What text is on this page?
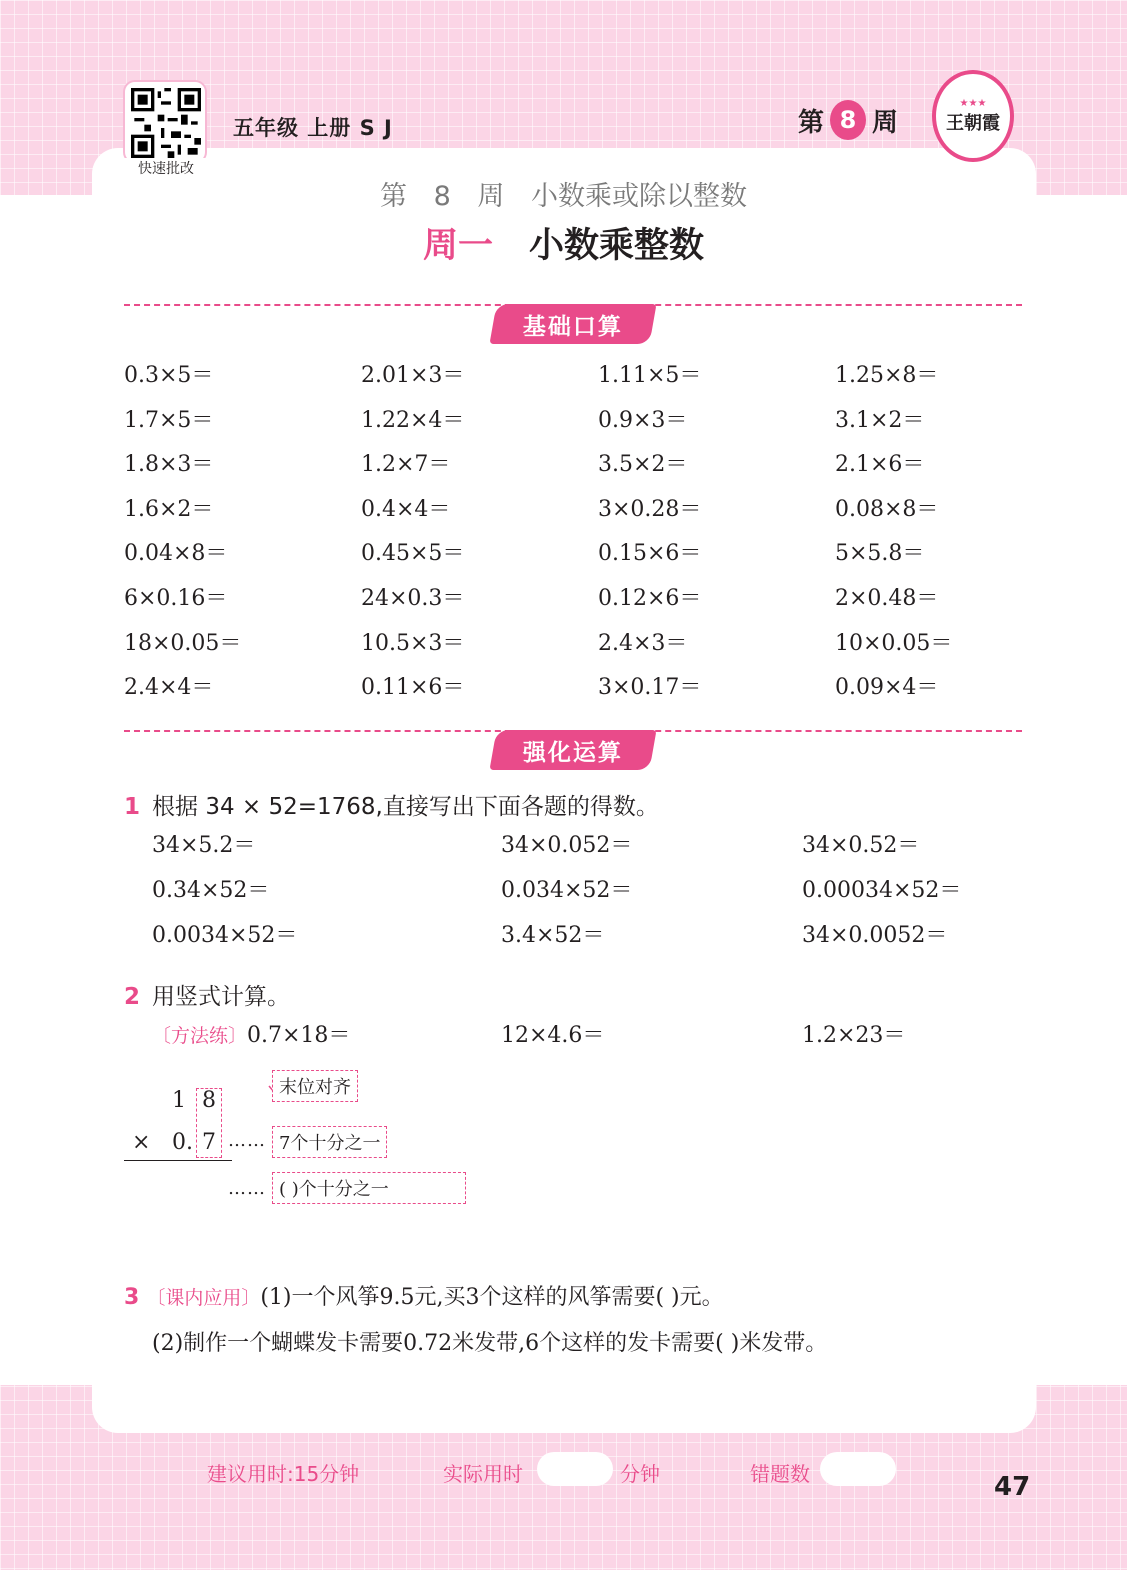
快速批改
五年级 上册 S J	第 8 周
★★★
王朝霞
第 8 周 小数乘或除以整数
周一 小数乘整数
基础口算
0.3×5＝	2.01×3＝	1.11×5＝	1.25×8＝
1.7×5＝	1.22×4＝	0.9×3＝	3.1×2＝
1.8×3＝	1.2×7＝	3.5×2＝	2.1×6＝
1.6×2＝	0.4×4＝	3×0.28＝	0.08×8＝
0.04×8＝	0.45×5＝	0.15×6＝	5×5.8＝
6×0.16＝	24×0.3＝	0.12×6＝	2×0.48＝
18×0.05＝	10.5×3＝	2.4×3＝	10×0.05＝
2.4×4＝	0.11×6＝	3×0.17＝	0.09×4＝
强化运算
1 根据 34 × 52=1768,直接写出下面各题的得数。
34×5.2＝	34×0.052＝	34×0.52＝
0.34×52＝	0.034×52＝	0.00034×52＝
0.0034×52＝	3.4×52＝	34×0.0052＝
2 用竖式计算。
〔方法练〕0.7×18＝	12×4.6＝	1.2×23＝
1 8
× 0. 7
末位对齐
…… 7个十分之一
…… ( )个十分之一
3 〔课内应用〕(1)一个风筝9.5元,买3个这样的风筝需要( )元。
(2)制作一个蝴蝶发卡需要0.72米发带,6个这样的发卡需要( )米发带。
建议用时:15分钟	实际用时	分钟	错题数	47
